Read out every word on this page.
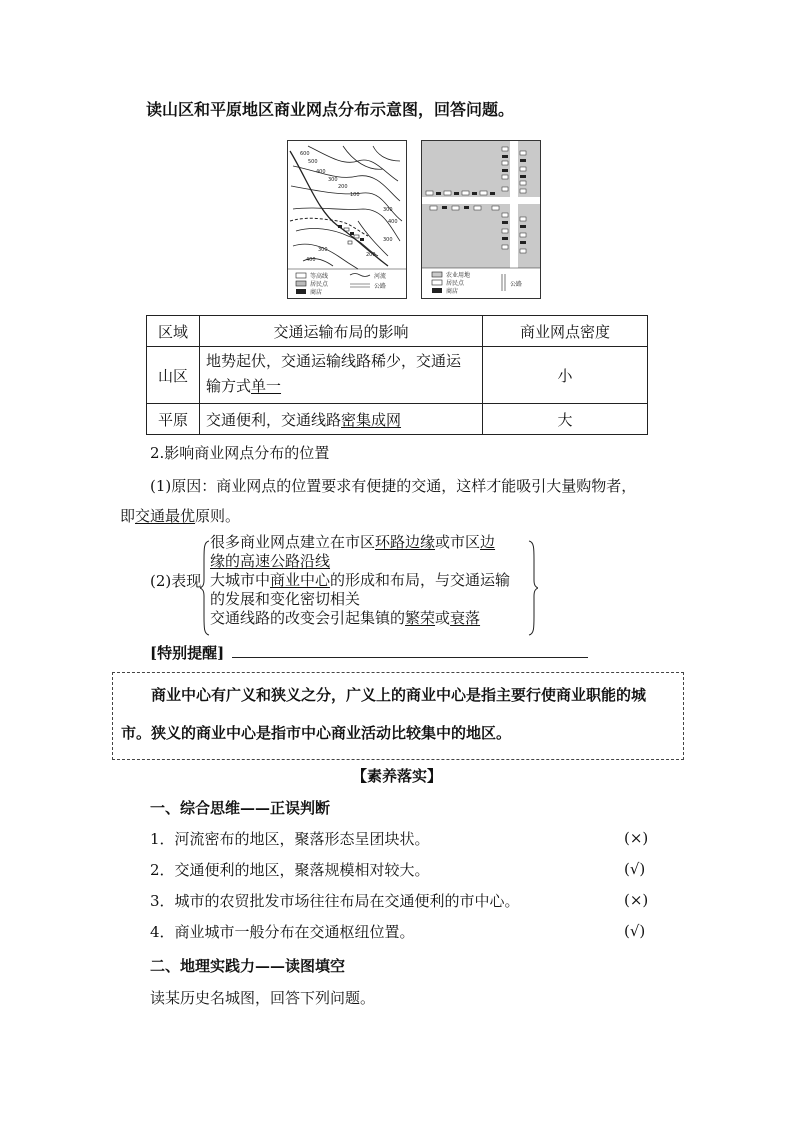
读山区和平原地区商业网点分布示意图，回答问题。
600
500
400
300
200
100
300
400
300
200
300
400
等高线
居民点
商店
河流
公路
农业用地
居民点
商店
公路
区域	交通运输布局的影响	商业网点密度
山区	地势起伏，交通运输线路稀少，交通运输方式单一	小
平原	交通便利，交通线路密集成网	大
2.影响商业网点分布的位置
(1)原因：商业网点的位置要求有便捷的交通，这样才能吸引大量购物者，
即交通最优原则。
(2)表现
很多商业网点建立在市区环路边缘或市区边
缘的高速公路沿线
大城市中商业中心的形成和布局，与交通运输
的发展和变化密切相关
交通线路的改变会引起集镇的繁荣或衰落
[特别提醒]
商业中心有广义和狭义之分，广义上的商业中心是指主要行使商业职能的城
市。狭义的商业中心是指市中心商业活动比较集中的地区。
【素养落实】
一、综合思维——正误判断
1．河流密布的地区，聚落形态呈团块状。	(×)
2．交通便利的地区，聚落规模相对较大。	(√)
3．城市的农贸批发市场往往布局在交通便利的市中心。	(×)
4．商业城市一般分布在交通枢纽位置。	(√)
二、地理实践力——读图填空
读某历史名城图，回答下列问题。
